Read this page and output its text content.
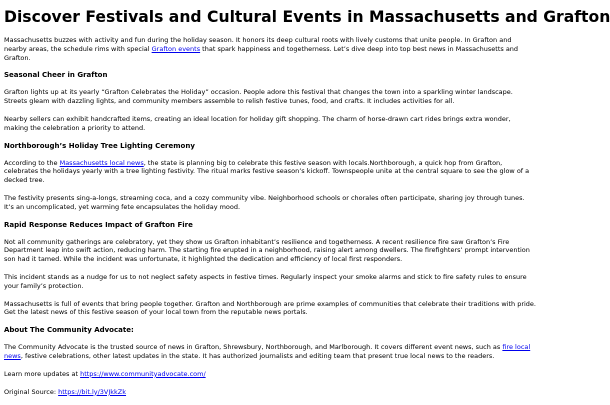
Discover Festivals and Cultural Events in Massachusetts and Grafton

Massachusetts buzzes with activity and fun during the holiday season. It honors its deep cultural roots with lively customs that unite people. In Grafton and nearby areas, the schedule rims with special Grafton events that spark happiness and togetherness. Let’s dive deep into top best news in Massachusetts and Grafton.

Seasonal Cheer in Grafton

Grafton lights up at its yearly “Grafton Celebrates the Holiday” occasion. People adore this festival that changes the town into a sparkling winter landscape. Streets gleam with dazzling lights, and community members assemble to relish festive tunes, food, and crafts. It includes activities for all.

Nearby sellers can exhibit handcrafted items, creating an ideal location for holiday gift shopping. The charm of horse-drawn cart rides brings extra wonder, making the celebration a priority to attend.

Northborough’s Holiday Tree Lighting Ceremony

According to the Massachusetts local news, the state is planning big to celebrate this festive season with locals.Northborough, a quick hop from Grafton, celebrates the holidays yearly with a tree lighting festivity. The ritual marks festive season’s kickoff. Townspeople unite at the central square to see the glow of a decked tree.

The festivity presents sing-a-longs, streaming coca, and a cozy community vibe. Neighborhood schools or chorales often participate, sharing joy through tunes. It’s an uncomplicated, yet warming fete encapsulates the holiday mood.

Rapid Response Reduces Impact of Grafton Fire

Not all community gatherings are celebratory, yet they show us Grafton inhabitant’s resilience and togetherness. A recent resilience fire saw Grafton’s Fire Department leap into swift action, reducing harm. The starting fire erupted in a neighborhood, raising alert among dwellers. The firefighters’ prompt intervention son had it tamed. While the incident was unfortunate, it highlighted the dedication and efficiency of local first responders.

This incident stands as a nudge for us to not neglect safety aspects in festive times. Regularly inspect your smoke alarms and stick to fire safety rules to ensure your family’s protection.

Massachusetts is full of events that bring people together. Grafton and Northborough are prime examples of communities that celebrate their traditions with pride. Get the latest news of this festive season of your local town from the reputable news portals.

About The Community Advocate:

The Community Advocate is the trusted source of news in Grafton, Shrewsbury, Northborough, and Marlborough. It covers different event news, such as fire local news, festive celebrations, other latest updates in the state. It has authorized journalists and editing team that present true local news to the readers.

Learn more updates at https://www.communityadvocate.com/

Original Source: https://bit.ly/3VJkkZk
